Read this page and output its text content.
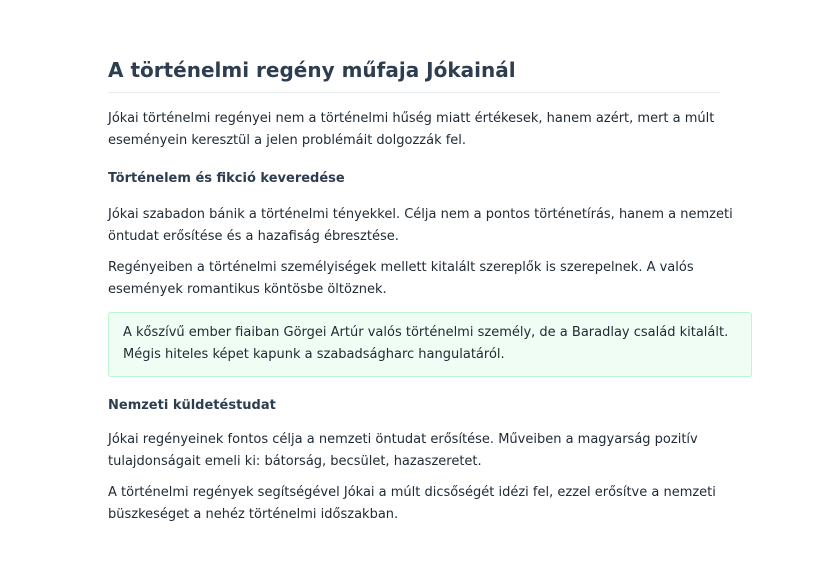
A történelmi regény műfaja Jókainál

Jókai történelmi regényei nem a történelmi hűség miatt értékesek, hanem azért, mert a múlt eseményein keresztül a jelen problémáit dolgozzák fel.

Történelem és fikció keveredése

Jókai szabadon bánik a történelmi tényekkel. Célja nem a pontos történetírás, hanem a nemzeti öntudat erősítése és a hazafiság ébresztése.

Regényeiben a történelmi személyiségek mellett kitalált szereplők is szerepelnek. A valós események romantikus köntösbe öltöznek.

A kőszívű ember fiaiban Görgei Artúr valós történelmi személy, de a Baradlay család kitalált. Mégis hiteles képet kapunk a szabadságharc hangulatáról.

Nemzeti küldetéstudat

Jókai regényeinek fontos célja a nemzeti öntudat erősítése. Műveiben a magyarság pozitív tulajdonságait emeli ki: bátorság, becsület, hazaszeretet.

A történelmi regények segítségével Jókai a múlt dicsőségét idézi fel, ezzel erősítve a nemzeti büszkeséget a nehéz történelmi időszakban.
